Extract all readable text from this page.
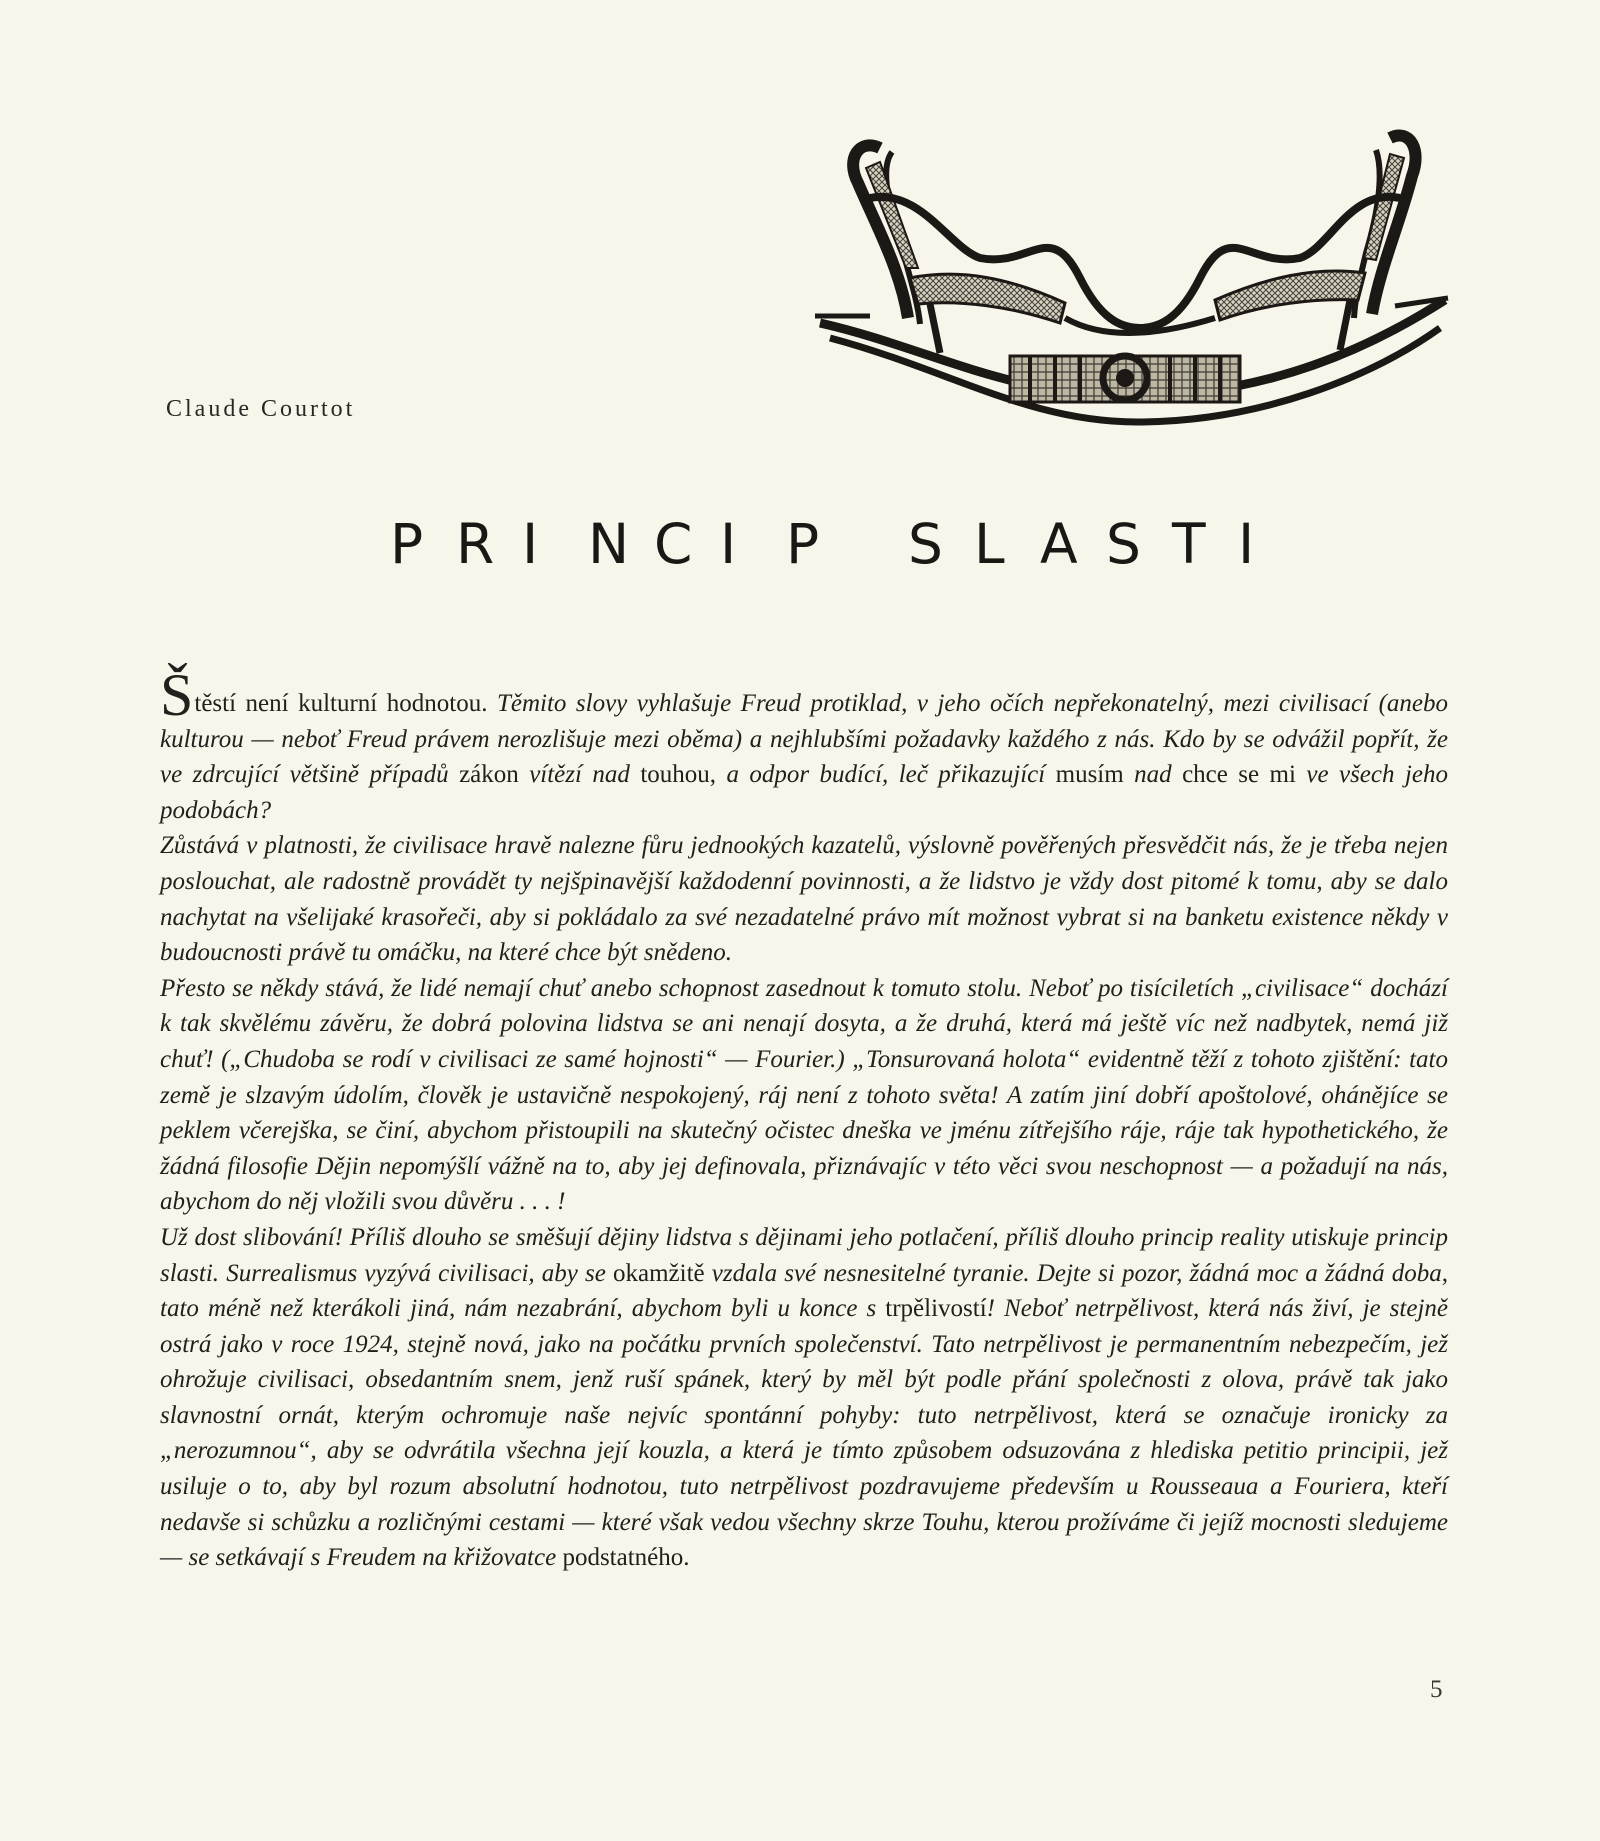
Claude Courtot
P R I N C I P	S L A S T I

Štěstí není kulturní hodnotou. Těmito slovy vyhlašuje Freud protiklad, v jeho očích nepřekonatelný, mezi civilisací (anebo kulturou — neboť Freud právem nerozlišuje mezi oběma) a nejhlubšími požadavky každého z nás. Kdo by se odvážil popřít, že ve zdrcující většině případů zákon vítězí nad touhou, a odpor budící, leč přikazující musím nad chce se mi ve všech jeho podobách?

Zůstává v platnosti, že civilisace hravě nalezne fůru jednookých kazatelů, výslovně pověřených přesvědčit nás, že je třeba nejen poslouchat, ale radostně provádět ty nejšpinavější každodenní povinnosti, a že lidstvo je vždy dost pitomé k tomu, aby se dalo nachytat na všelijaké krasořeči, aby si pokládalo za své nezadatelné právo mít možnost vybrat si na banketu existence někdy v budoucnosti právě tu omáčku, na které chce být snědeno.

Přesto se někdy stává, že lidé nemají chuť anebo schopnost zasednout k tomuto stolu. Neboť po tisíciletích „civilisace“ dochází k tak skvělému závěru, že dobrá polovina lidstva se ani nenají dosyta, a že druhá, která má ještě víc než nadbytek, nemá již chuť! („Chudoba se rodí v civilisaci ze samé hojnosti“ — Fourier.) „Tonsurovaná holota“ evidentně těží z tohoto zjištění: tato země je slzavým údolím, člověk je ustavičně nespokojený, ráj není z tohoto světa! A zatím jiní dobří apoštolové, oháněјíce se peklem včerejška, se činí, abychom přistoupili na skutečný očistec dneška ve jménu zítřejšího ráje, ráje tak hypothetického, že žádná filosofie Dějin nepomýšlí vážně na to, aby jej definovala, přiznávajíc v této věci svou neschopnost — a požadují na nás, abychom do něj vložili svou důvěru . . . !

Už dost slibování! Příliš dlouho se směšují dějiny lidstva s dějinami jeho potlačení, příliš dlouho princip reality utiskuje princip slasti. Surrealismus vyzývá civilisaci, aby se okamžitě vzdala své nesnesitelné tyranie. Dejte si pozor, žádná moc a žádná doba, tato méně než kterákoli jiná, nám nezabrání, abychom byli u konce s trpělivostí! Neboť netrpělivost, která nás živí, je stejně ostrá jako v roce 1924, stejně nová, jako na počátku prvních společenství. Tato netrpělivost je permanentním nebezpečím, jež ohrožuje civilisaci, obsedantním snem, jenž ruší spánek, který by měl být podle přání společnosti z olova, právě tak jako slavnostní ornát, kterým ochromuje naše nejvíc spontánní pohyby: tuto netrpělivost, která se označuje ironicky za „nerozumnou“, aby se odvrátila všechna její kouzla, a která je tímto způsobem odsuzována z hlediska petitio principii, jež usiluje o to, aby byl rozum absolutní hodnotou, tuto netrpělivost pozdravujeme především u Rousseaua a Fouriera, kteří nedavše si schůzku a rozličnými cestami — které však vedou všechny skrze Touhu, kterou prožíváme či jejíž mocnosti sledujeme — se setkávají s Freudem na křižovatce podstatného.

5
